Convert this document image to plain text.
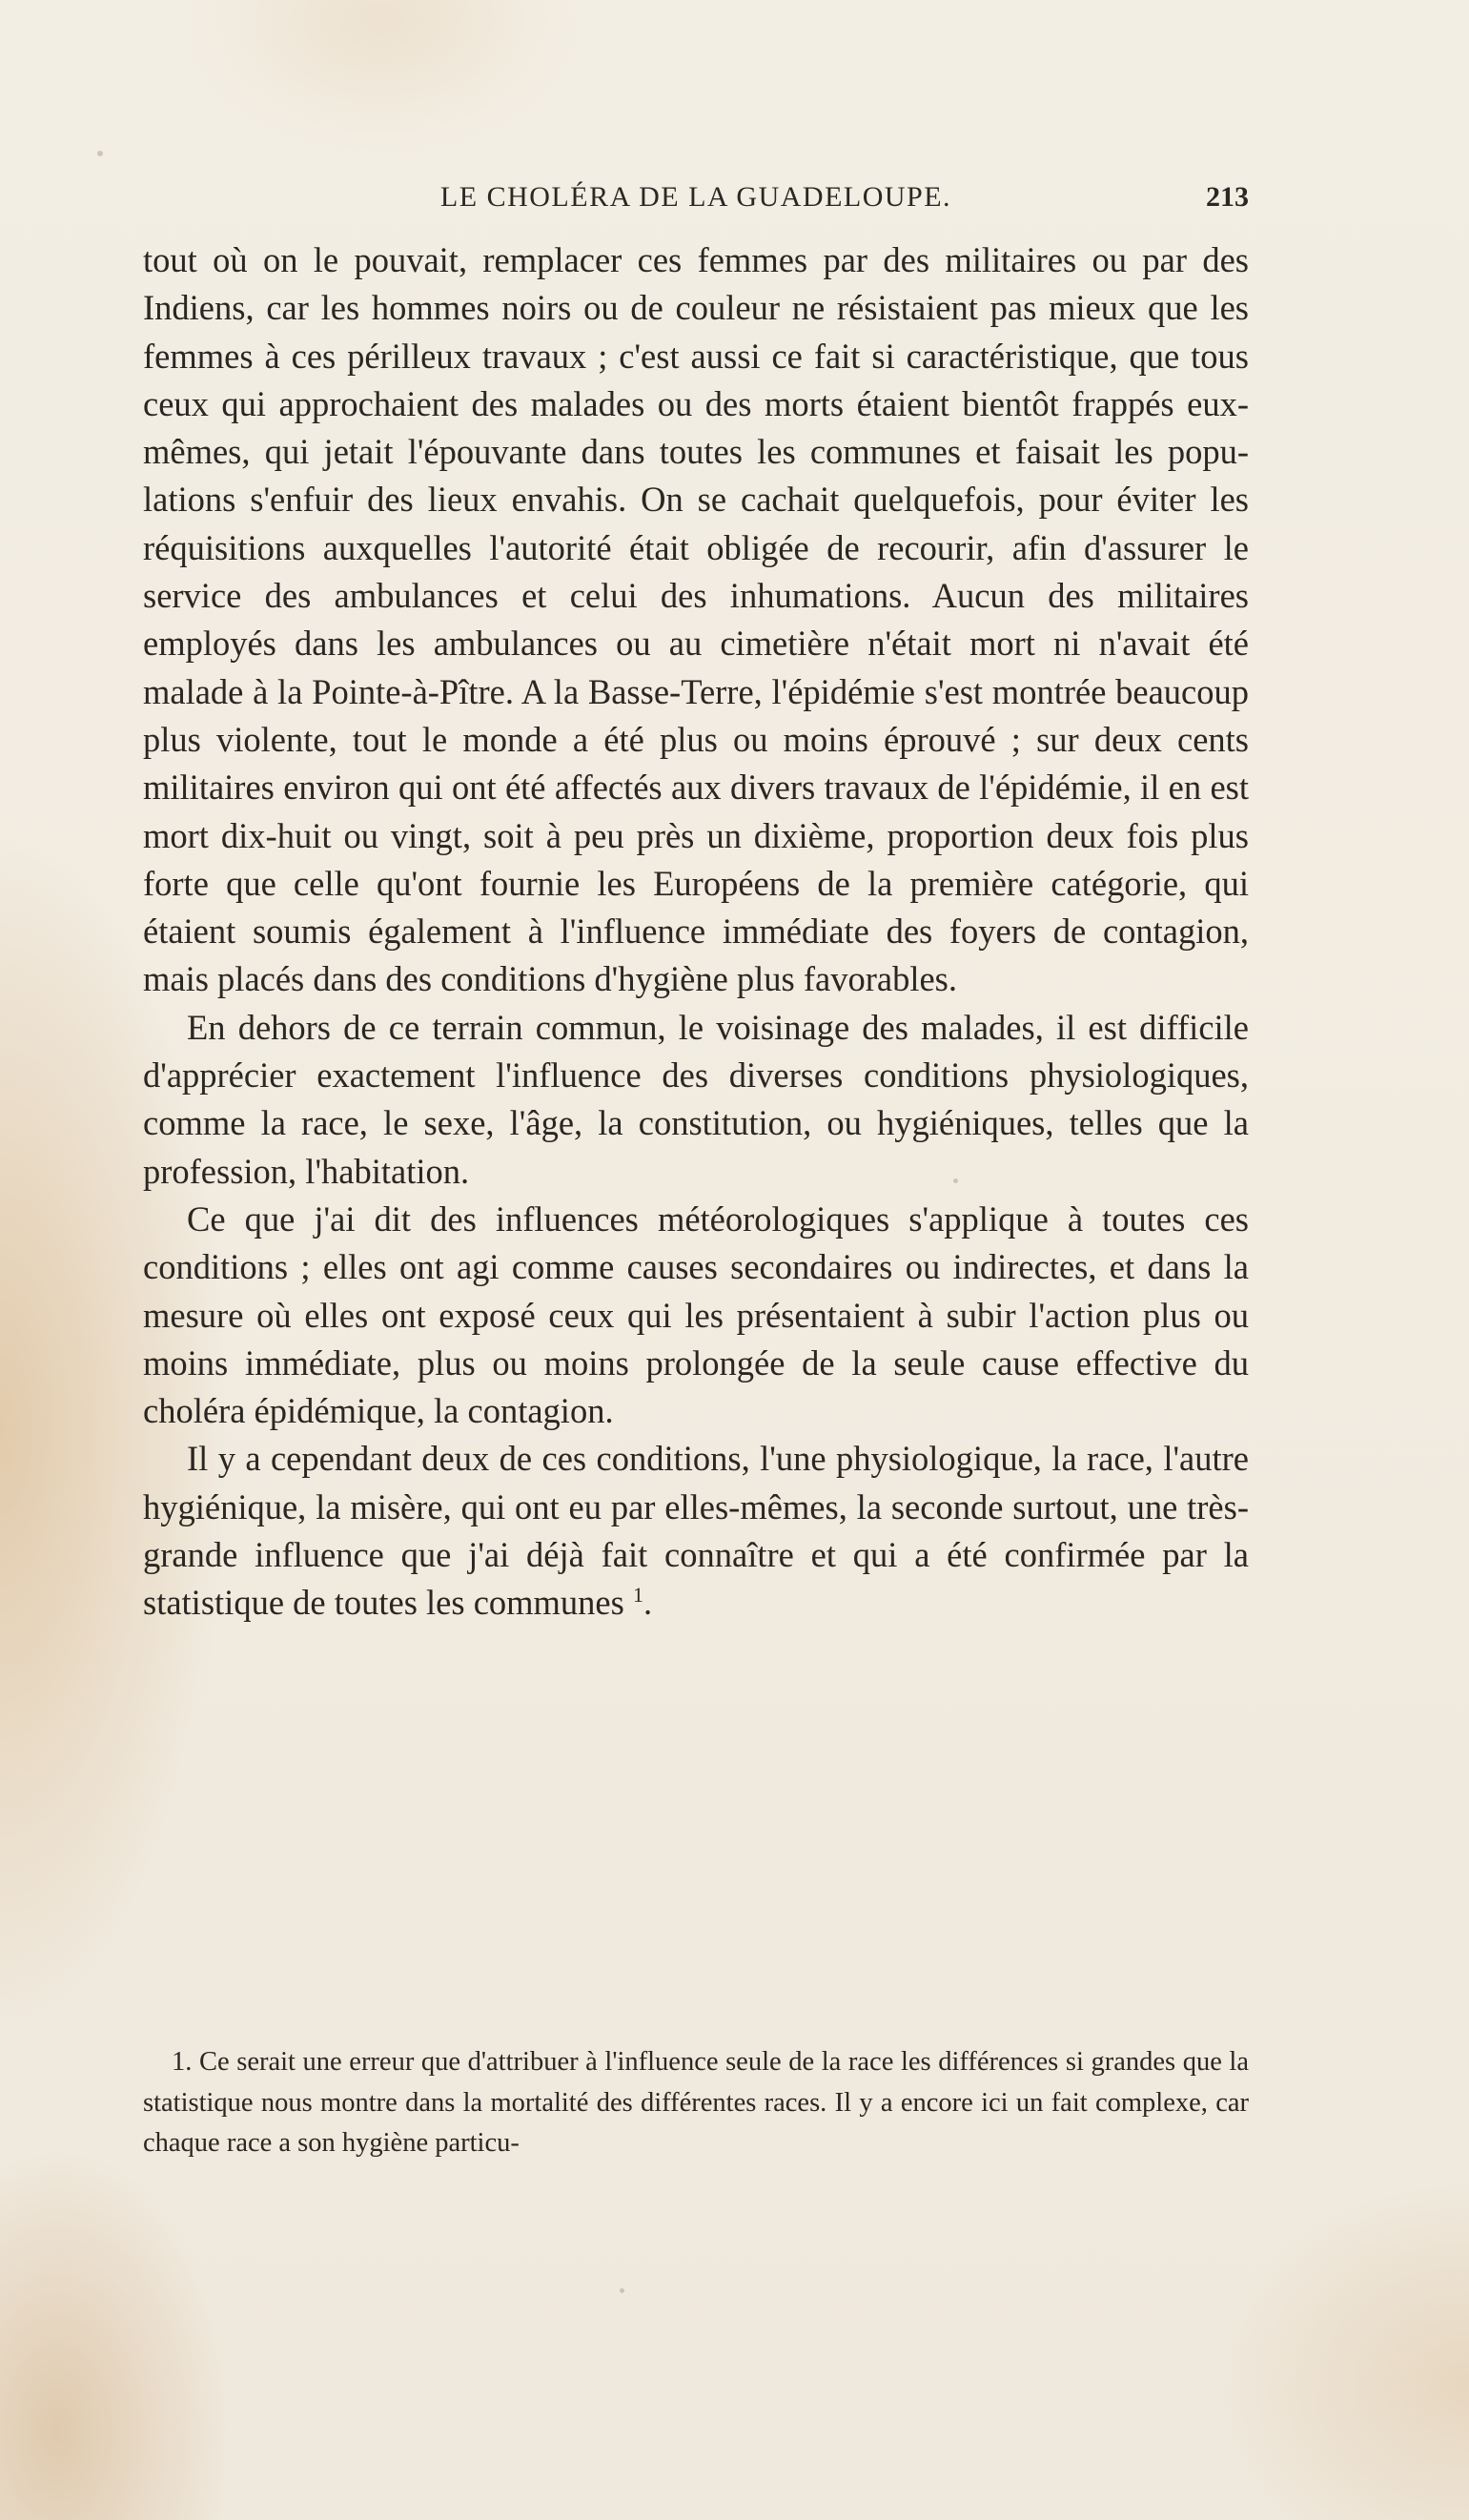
LE CHOLÉRA DE LA GUADELOUPE.	213

tout où on le pouvait, remplacer ces femmes par des militaires ou par des Indiens, car les hommes noirs ou de couleur ne résistaient pas mieux que les femmes à ces périlleux travaux ; c'est aussi ce fait si caractéristique, que tous ceux qui approchaient des malades ou des morts étaient bientôt frappés eux-mêmes, qui jetait l'épouvante dans toutes les communes et faisait les populations s'enfuir des lieux envahis. On se cachait quelquefois, pour éviter les réquisitions auxquelles l'autorité était obligée de recourir, afin d'assurer le service des ambulances et celui des inhumations. Aucun des militaires employés dans les ambulances ou au cimetière n'était mort ni n'avait été malade à la Pointe-à-Pître. A la Basse-Terre, l'épidémie s'est montrée beaucoup plus violente, tout le monde a été plus ou moins éprouvé ; sur deux cents militaires environ qui ont été affectés aux divers travaux de l'épidémie, il en est mort dix-huit ou vingt, soit à peu près un dixième, proportion deux fois plus forte que celle qu'ont fournie les Européens de la première catégorie, qui étaient soumis également à l'influence immédiate des foyers de contagion, mais placés dans des conditions d'hygiène plus favorables.

En dehors de ce terrain commun, le voisinage des malades, il est difficile d'apprécier exactement l'influence des diverses conditions physiologiques, comme la race, le sexe, l'âge, la constitution, ou hygiéniques, telles que la profession, l'habitation.

Ce que j'ai dit des influences météorologiques s'applique à toutes ces conditions ; elles ont agi comme causes secondaires ou indirectes, et dans la mesure où elles ont exposé ceux qui les présentaient à subir l'action plus ou moins immédiate, plus ou moins prolongée de la seule cause effective du choléra épidémique, la contagion.

Il y a cependant deux de ces conditions, l'une physiologique, la race, l'autre hygiénique, la misère, qui ont eu par elles-mêmes, la seconde surtout, une très-grande influence que j'ai déjà fait connaître et qui a été confirmée par la statistique de toutes les communes $^1$.

1. Ce serait une erreur que d'attribuer à l'influence seule de la race les différences si grandes que la statistique nous montre dans la mortalité des différentes races. Il y a encore ici un fait complexe, car chaque race a son hygiène particu-
